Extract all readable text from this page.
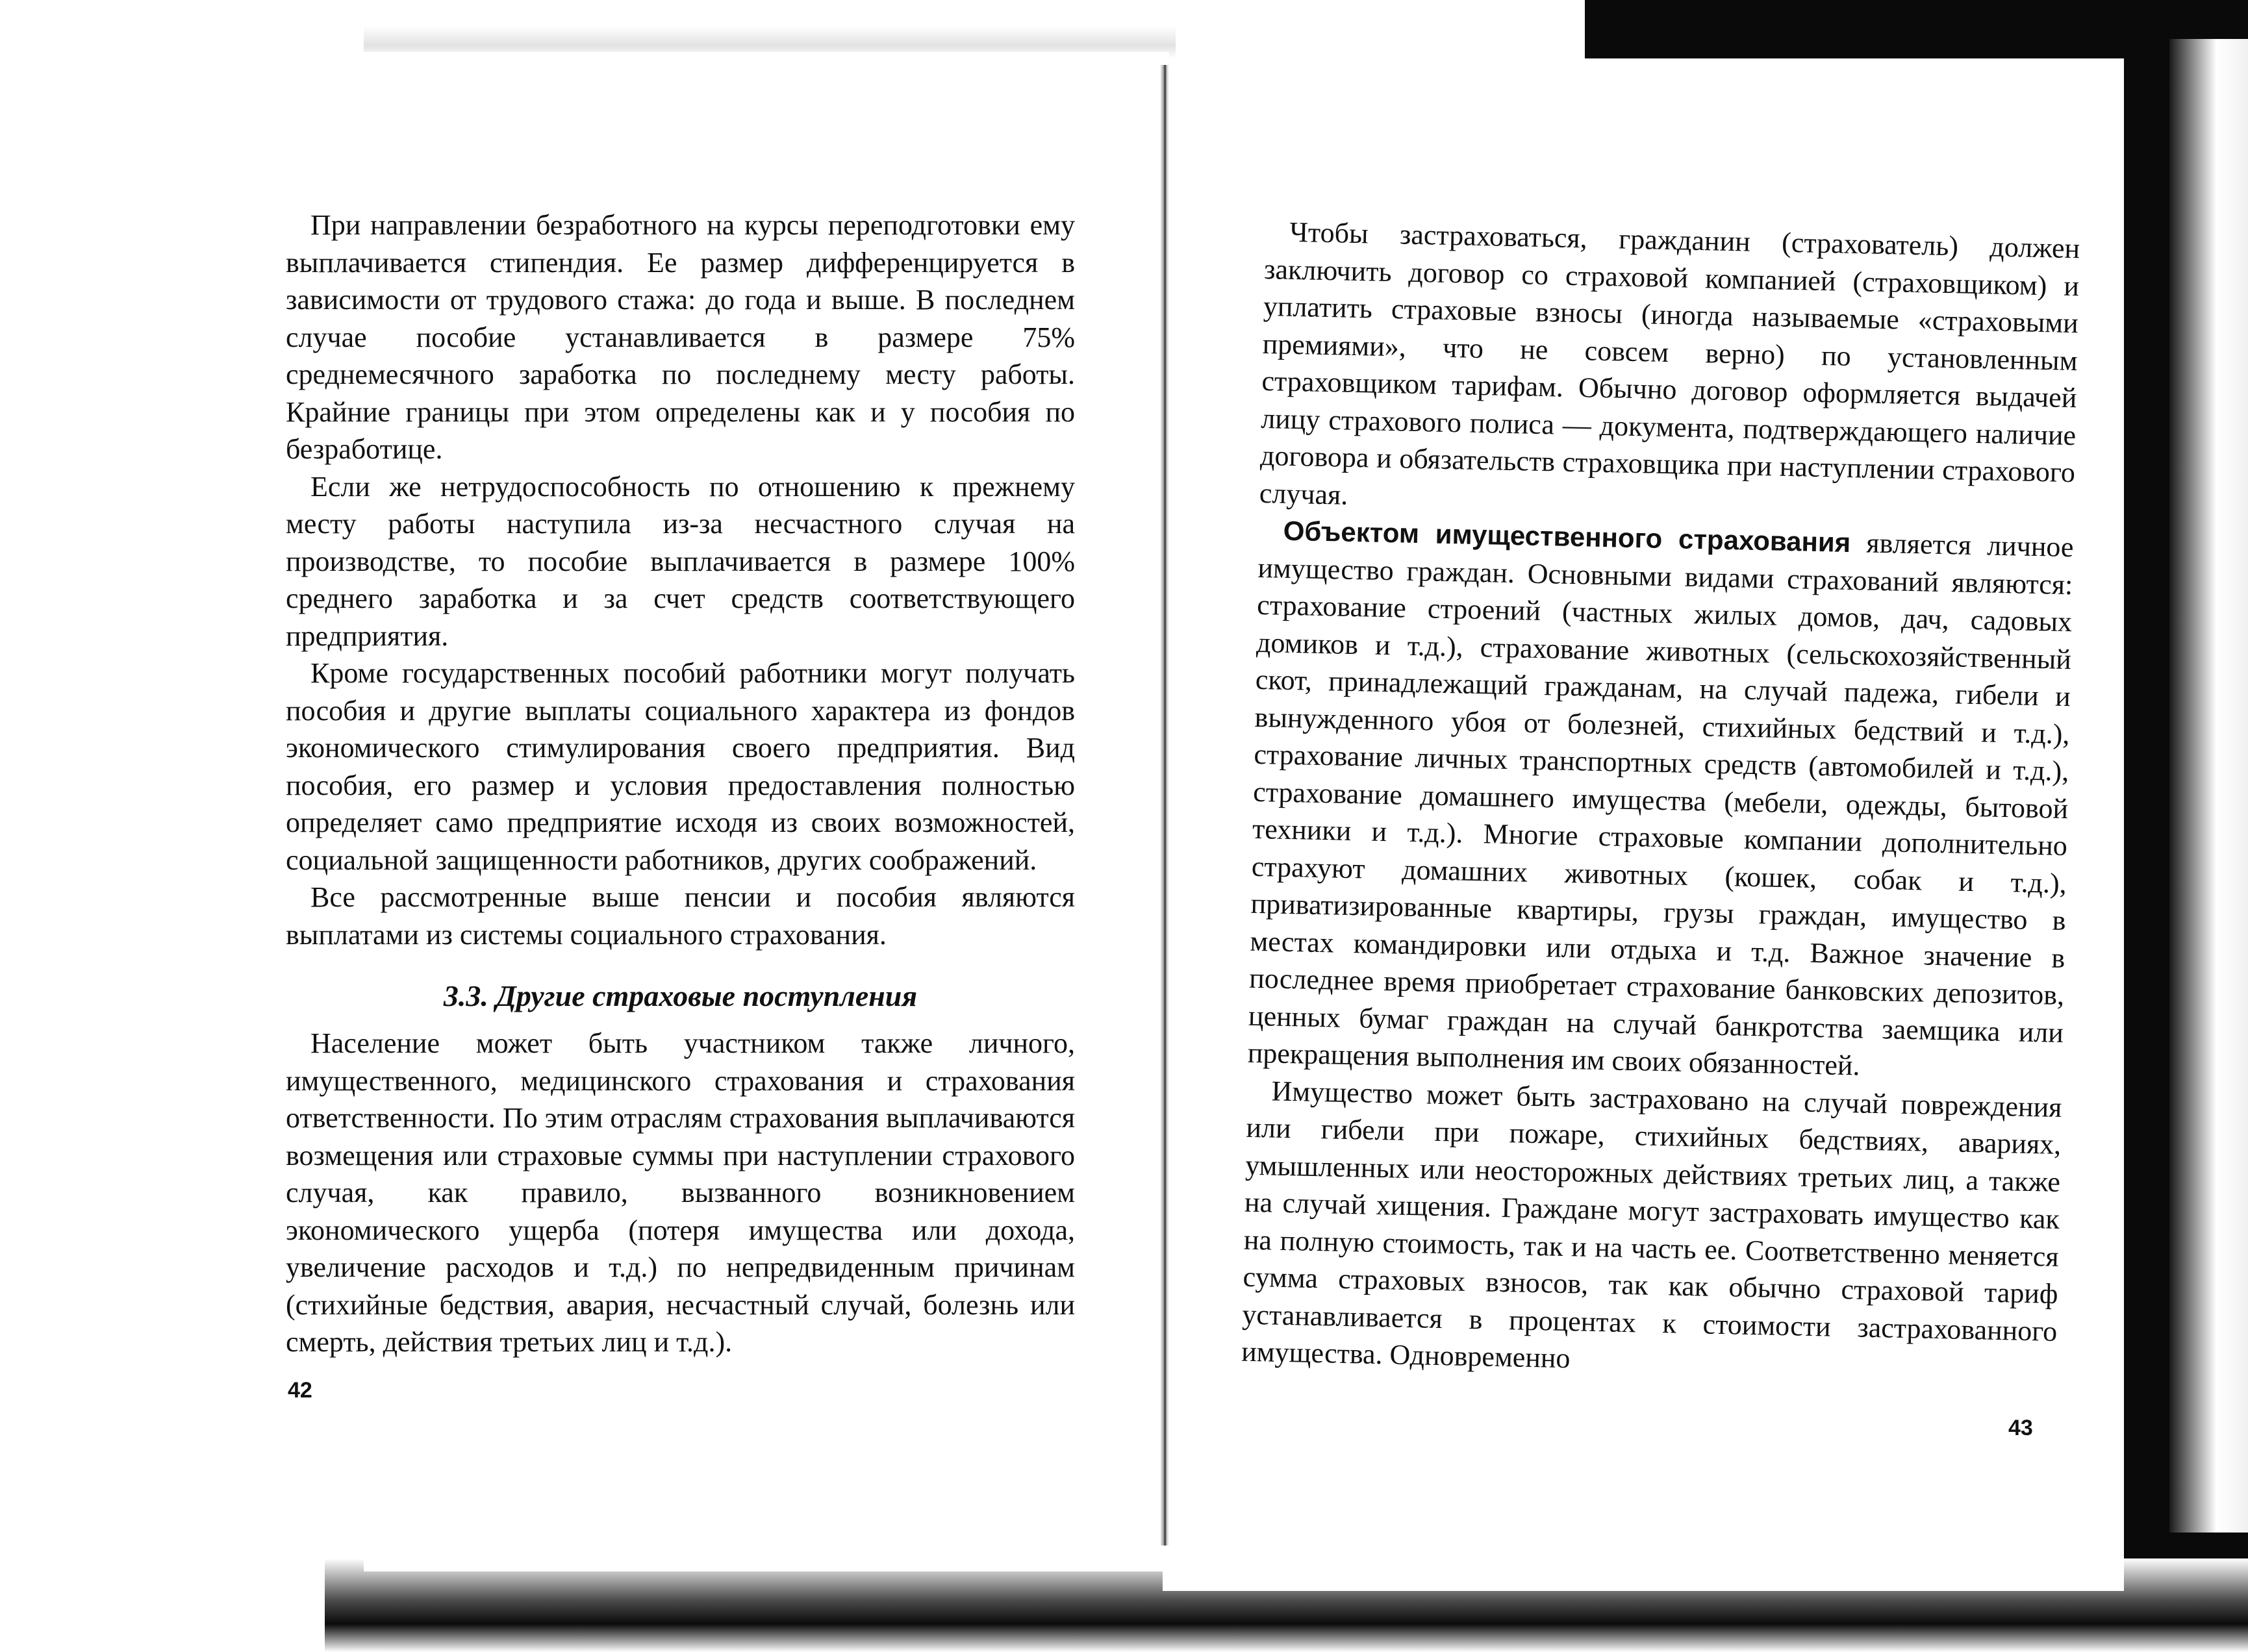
При направлении безработного на курсы переподготовки ему выплачивается стипендия. Ее размер дифференцируется в зависимости от трудового стажа: до года и выше. В последнем случае пособие устанавливается в размере 75% среднемесячного заработка по последнему месту работы. Крайние границы при этом определены как и у пособия по безработице.

Если же нетрудоспособность по отношению к прежнему месту работы наступила из-за несчастного случая на производстве, то пособие выплачивается в размере 100% среднего заработка и за счет средств соответствующего предприятия.

Кроме государственных пособий работники могут получать пособия и другие выплаты социального характера из фондов экономического стимулирования своего предприятия. Вид пособия, его размер и условия предоставления полностью определяет само предприятие исходя из своих возможностей, социальной защищенности работников, других соображений.

Все рассмотренные выше пенсии и пособия являются выплатами из системы социального страхования.

3.3. Другие страховые поступления

Население может быть участником также личного, имущественного, медицинского страхования и страхования ответственности. По этим отраслям страхования выплачиваются возмещения или страховые суммы при наступлении страхового случая, как правило, вызванного возникновением экономического ущерба (потеря имущества или дохода, увеличение расходов и т.д.) по непредвиденным причинам (стихийные бедствия, авария, несчастный случай, болезнь или смерть, действия третьих лиц и т.д.).

42

Чтобы застраховаться, гражданин (страхователь) должен заключить договор со страховой компанией (страховщиком) и уплатить страховые взносы (иногда называемые «страховыми премиями», что не совсем верно) по установленным страховщиком тарифам. Обычно договор оформляется выдачей лицу страхового полиса — документа, подтверждающего наличие договора и обязательств страховщика при наступлении страхового случая.

Объектом имущественного страхования является личное имущество граждан. Основными видами страхований являются: страхование строений (частных жилых домов, дач, садовых домиков и т.д.), страхование животных (сельскохозяйственный скот, принадлежащий гражданам, на случай падежа, гибели и вынужденного убоя от болезней, стихийных бедствий и т.д.), страхование личных транспортных средств (автомобилей и т.д.), страхование домашнего имущества (мебели, одежды, бытовой техники и т.д.). Многие страховые компании дополнительно страхуют домашних животных (кошек, собак и т.д.), приватизированные квартиры, грузы граждан, имущество в местах командировки или отдыха и т.д. Важное значение в последнее время приобретает страхование банковских депозитов, ценных бумаг граждан на случай банкротства заемщика или прекращения выполнения им своих обязанностей.

Имущество может быть застраховано на случай повреждения или гибели при пожаре, стихийных бедствиях, авариях, умышленных или неосторожных действиях третьих лиц, а также на случай хищения. Граждане могут застраховать имущество как на полную стоимость, так и на часть ее. Соответственно меняется сумма страховых взносов, так как обычно страховой тариф устанавливается в процентах к стоимости застрахованного имущества. Одновременно

43
